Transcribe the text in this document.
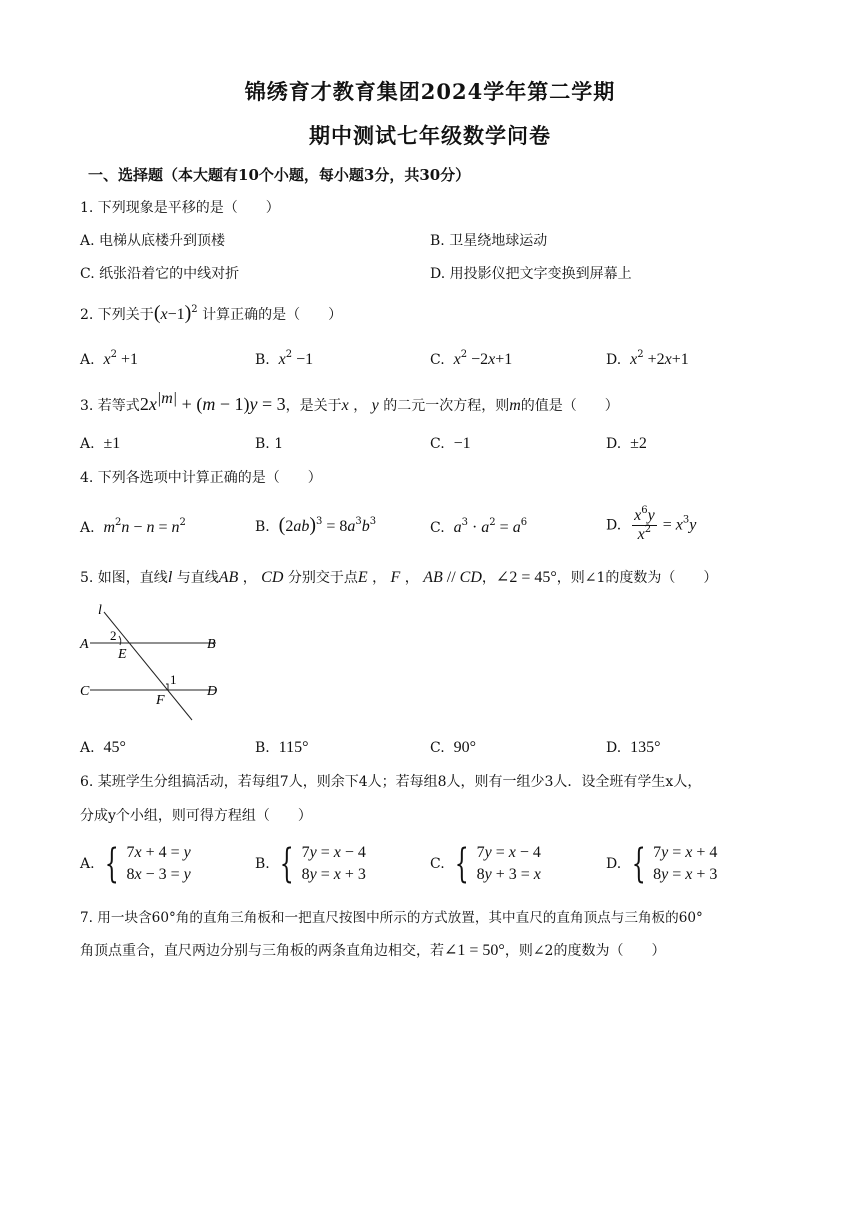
锦绣育才教育集团2024学年第二学期
期中测试七年级数学问卷
一、选择题（本大题有10个小题，每小题3分，共30分）
1. 下列现象是平移的是（　　）
A. 电梯从底楼升到顶楼	B. 卫星绕地球运动
C. 纸张沿着它的中线对折	D. 用投影仪把文字变换到屏幕上
2. 下列关于$(x-1)^2$ 计算正确的是（　　）
A. $x^2 +1$	B. $x^2 -1$	C. $x^2 -2x+1$	D. $x^2 +2x+1$
3. 若等式$2x^{|m|} + (m - 1)y = 3$，是关于x ， y 的二元一次方程，则m的值是（　　）
A. ±1	B. 1	C. −1	D. ±2
4. 下列各选项中计算正确的是（　　）
A. $m^2n - n = n^2$	B. $(2ab)^3 = 8a^3b^3$	C. $a^3 \cdot a^2 = a^6$	D. $\frac{x^6y}{x^2} = x^3y$
5. 如图，直线l 与直线AB ， CD 分别交于点E ， F ， AB // CD，∠2 = 45°，则∠1的度数为（　　）
l
A	B
2
E
C	D
1
F
A. 45°	B. 115°	C. 90°	D. 135°
6. 某班学生分组搞活动，若每组7人，则余下4人；若每组8人，则有一组少3人．设全班有学生x人，
分成y个小组，则可得方程组（　　）
A.
{ 7x + 4 = y
8x − 3 = y
B.
{ 7y = x − 4
8y = x + 3
C.
{ 7y = x − 4
8y + 3 = x
D.
{ 7y = x + 4
8y = x + 3
7. 用一块含60°角的直角三角板和一把直尺按图中所示的方式放置，其中直尺的直角顶点与三角板的60°
角顶点重合，直尺两边分别与三角板的两条直角边相交，若∠1 = 50°，则∠2的度数为（　　）
